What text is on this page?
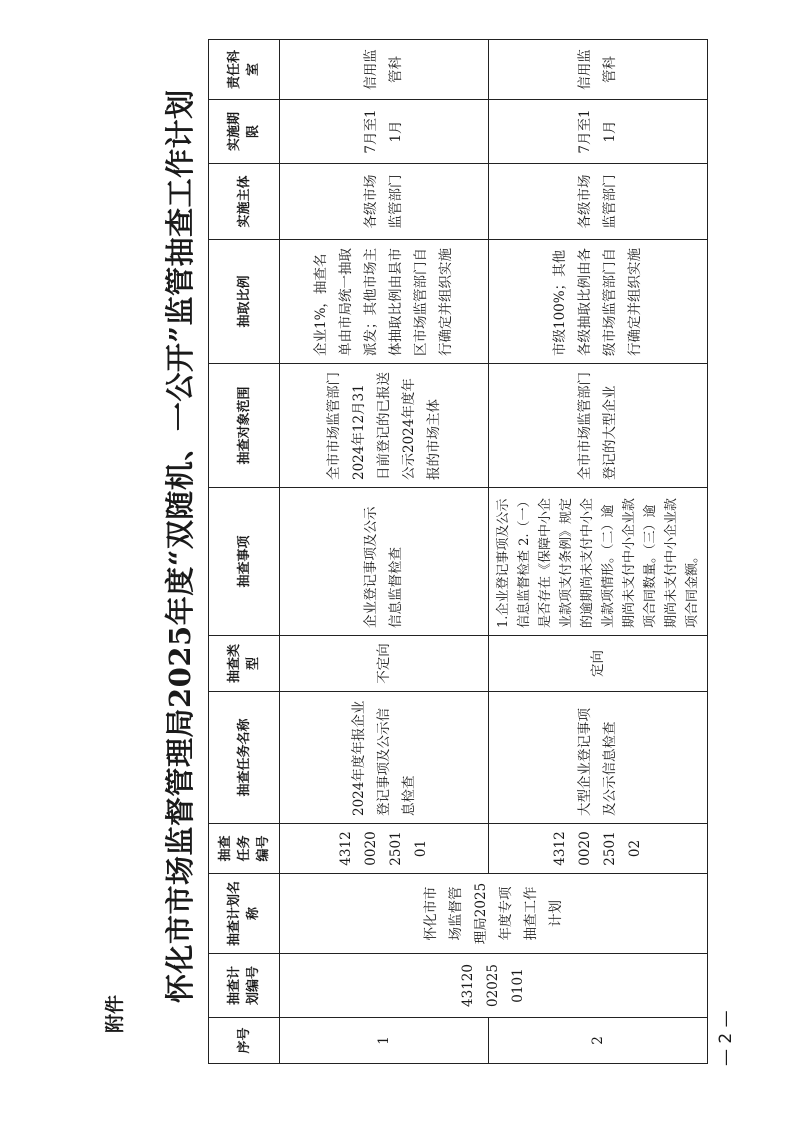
附件
怀化市市场监督管理局2025年度“双随机、一公开”监管抽查工作计划
序号	抽查计划编号	抽查计划名称	抽查任务编号	抽查任务名称	抽查类型	抽查事项	抽查对象范围	抽取比例	实施主体	实施期限	责任科室
1	43120020250101	怀化市市场监督管理局2025年度专项抽查工作计划	43120020250101	2024年度年报企业登记事项及公示信息检查	不定向	企业登记事项及公示信息监督检查	全市市场监管部门2024年12月31日前登记的已报送公示2024年度年报的市场主体	企业1%，抽查名单由市局统一抽取派发；其他市场主体抽取比例由县市区市场监管部门自行确定并组织实施	各级市场监管部门	7月至11月	信用监管科
2			43120020250102	大型企业登记事项及公示信息检查	定向	1.企业登记事项及公示信息监督检查 2.（一）是否存在《保障中小企业款项支付条例》规定的逾期尚未支付中小企业款项情形。（二）逾期尚未支付中小企业款项合同数量。（三）逾期尚未支付中小企业款项合同金额。	全市市场监管部门登记的大型企业	市级100%；其他各级抽取比例由各级市场监管部门自行确定并组织实施	各级市场监管部门	7月至11月	信用监管科
— 2 —
